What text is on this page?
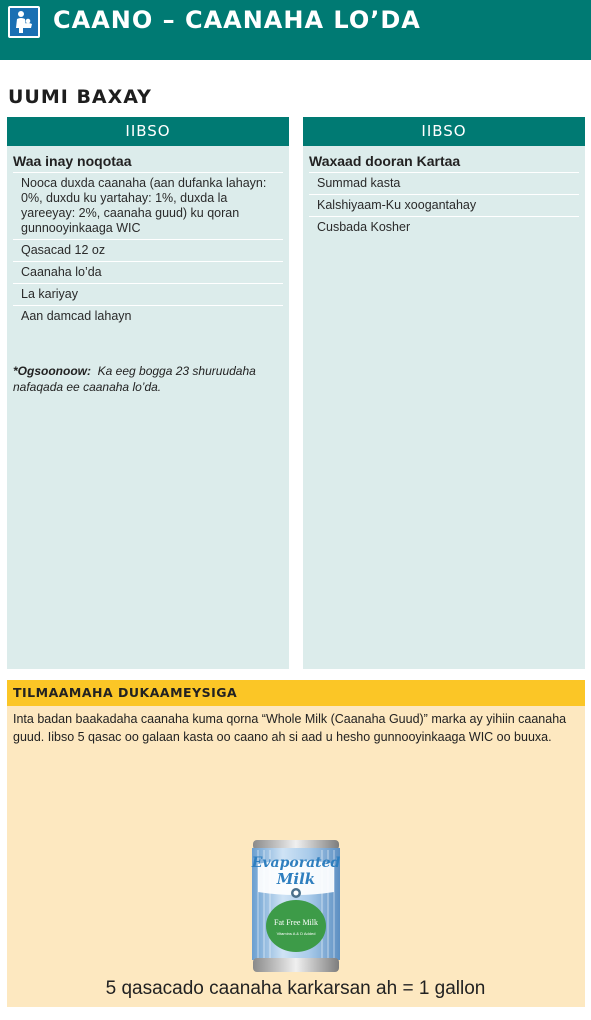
CAANO – CAANAHA LO’DA
UUMI BAXAY
IIBSO
Waa inay noqotaa
Nooca duxda caanaha (aan dufanka lahayn: 0%, duxdu ku yartahay: 1%, duxda la yareeyay: 2%, caanaha guud) ku qoran gunnooyinkaaga WIC
Qasacad 12 oz
Caanaha lo’da
La kariyay
Aan damcad lahayn
*Ogsoonoow: Ka eeg bogga 23 shuruudaha nafaqada ee caanaha lo’da.
IIBSO
Waxaad dooran Kartaa
Summad kasta
Kalshiyaam-Ku xoogantahay
Cusbada Kosher
TILMAAMAHA DUKAAMEYSIGA
Inta badan baakadaha caanaha kuma qorna “Whole Milk (Caanaha Guud)” marka ay yihiin caanaha guud. Iibso 5 qasac oo galaan kasta oo caano ah si aad u hesho gunnooyinkaaga WIC oo buuxa.
Evaporated
Milk
Fat Free Milk
Vitamins A & D Added
5 qasacado caanaha karkarsan ah = 1 gallon
